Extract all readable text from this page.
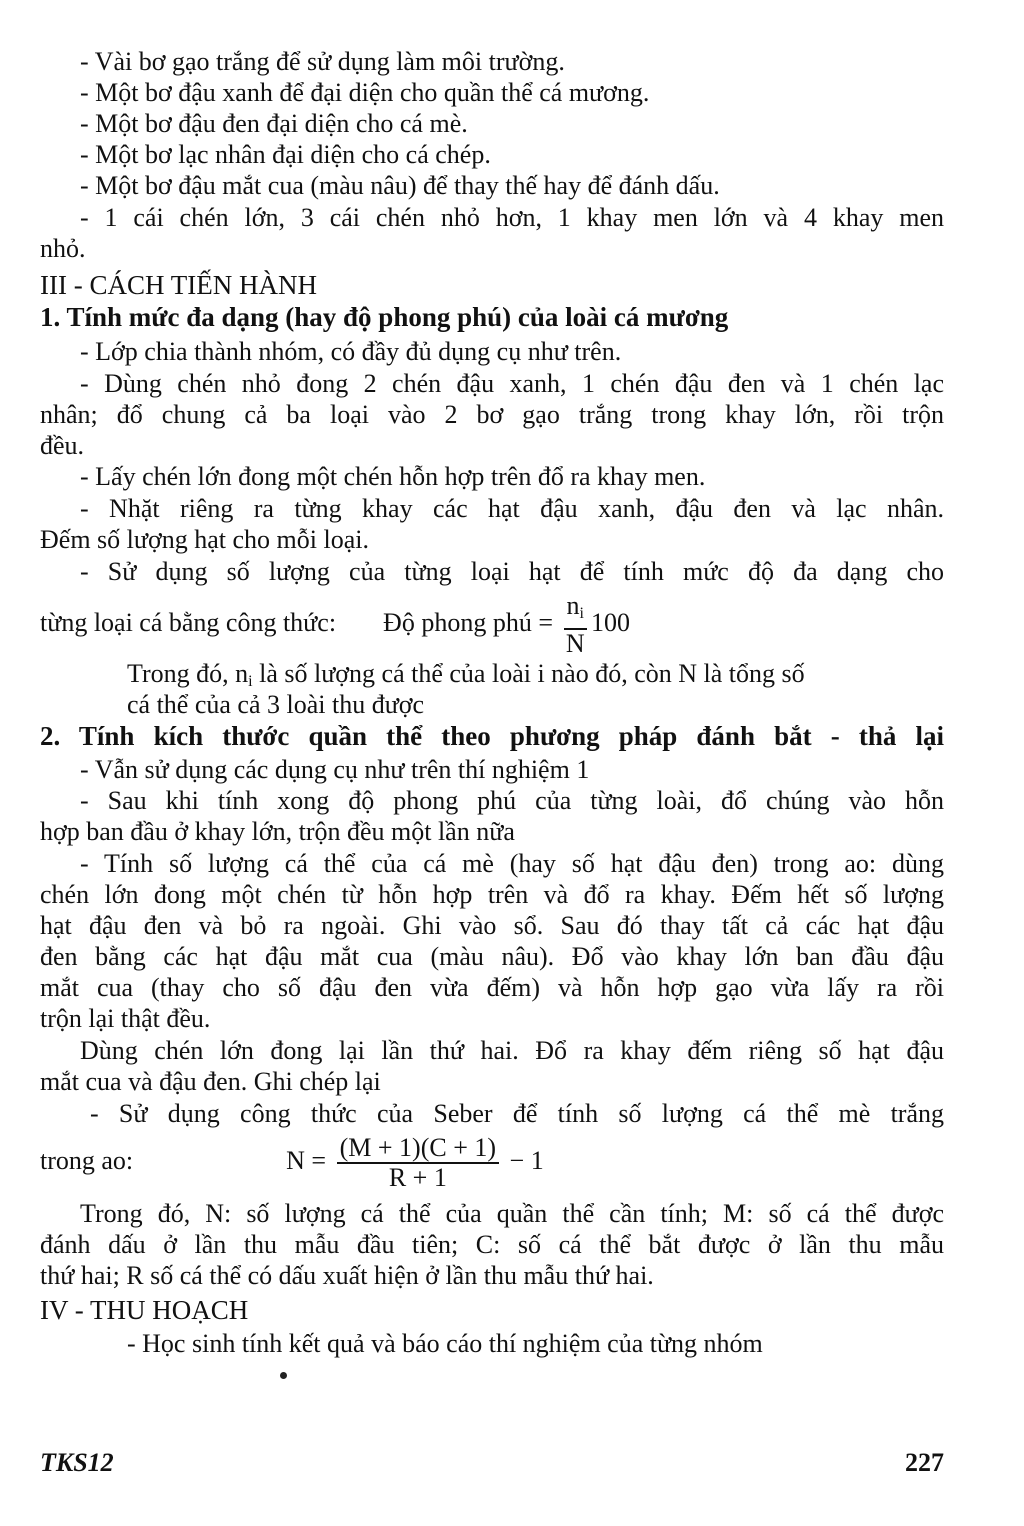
- Vài bơ gạo trắng để sử dụng làm môi trường.
- Một bơ đậu xanh để đại diện cho quần thể cá mương.
- Một bơ đậu đen đại diện cho cá mè.
- Một bơ lạc nhân đại diện cho cá chép.
- Một bơ đậu mắt cua (màu nâu) để thay thế hay để đánh dấu.
- 1 cái chén lớn, 3 cái chén nhỏ hơn, 1 khay men lớn và 4 khay men
nhỏ.
III - CÁCH TIẾN HÀNH
1. Tính mức đa dạng (hay độ phong phú) của loài cá mương
- Lớp chia thành nhóm, có đầy đủ dụng cụ như trên.
- Dùng chén nhỏ đong 2 chén đậu xanh, 1 chén đậu đen và 1 chén lạc
nhân; đổ chung cả ba loại vào 2 bơ gạo trắng trong khay lớn, rồi trộn
đều.
- Lấy chén lớn đong một chén hỗn hợp trên đổ ra khay men.
- Nhặt riêng ra từng khay các hạt đậu xanh, đậu đen và lạc nhân.
Đếm số lượng hạt cho mỗi loại.
- Sử dụng số lượng của từng loại hạt để tính mức độ đa dạng cho
từng loại cá bằng công thức: Độ phong phú = $\frac{n_i}{N} 100$
Trong đó, $n_i$ là số lượng cá thể của loài i nào đó, còn N là tổng số
cá thể của cả 3 loài thu được
2. Tính kích thước quần thể theo phương pháp đánh bắt - thả lại
- Vẫn sử dụng các dụng cụ như trên thí nghiệm 1
- Sau khi tính xong độ phong phú của từng loài, đổ chúng vào hỗn
hợp ban đầu ở khay lớn, trộn đều một lần nữa
- Tính số lượng cá thể của cá mè (hay số hạt đậu đen) trong ao: dùng
chén lớn đong một chén từ hỗn hợp trên và đổ ra khay. Đếm hết số lượng
hạt đậu đen và bỏ ra ngoài. Ghi vào sổ. Sau đó thay tất cả các hạt đậu
đen bằng các hạt đậu mắt cua (màu nâu). Đổ vào khay lớn ban đầu đậu
mắt cua (thay cho số đậu đen vừa đếm) và hỗn hợp gạo vừa lấy ra rồi
trộn lại thật đều.
Dùng chén lớn đong lại lần thứ hai. Đổ ra khay đếm riêng số hạt đậu
mắt cua và đậu đen. Ghi chép lại
- Sử dụng công thức của Seber để tính số lượng cá thể mè trắng
trong ao:	$N = \frac{(M + 1)(C + 1)}{R + 1} - 1$
Trong đó, N: số lượng cá thể của quần thể cần tính; M: số cá thể được
đánh dấu ở lần thu mẫu đầu tiên; C: số cá thể bắt được ở lần thu mẫu
thứ hai; R số cá thể có dấu xuất hiện ở lần thu mẫu thứ hai.
IV - THU HOẠCH
- Học sinh tính kết quả và báo cáo thí nghiệm của từng nhóm
TKS12	227
